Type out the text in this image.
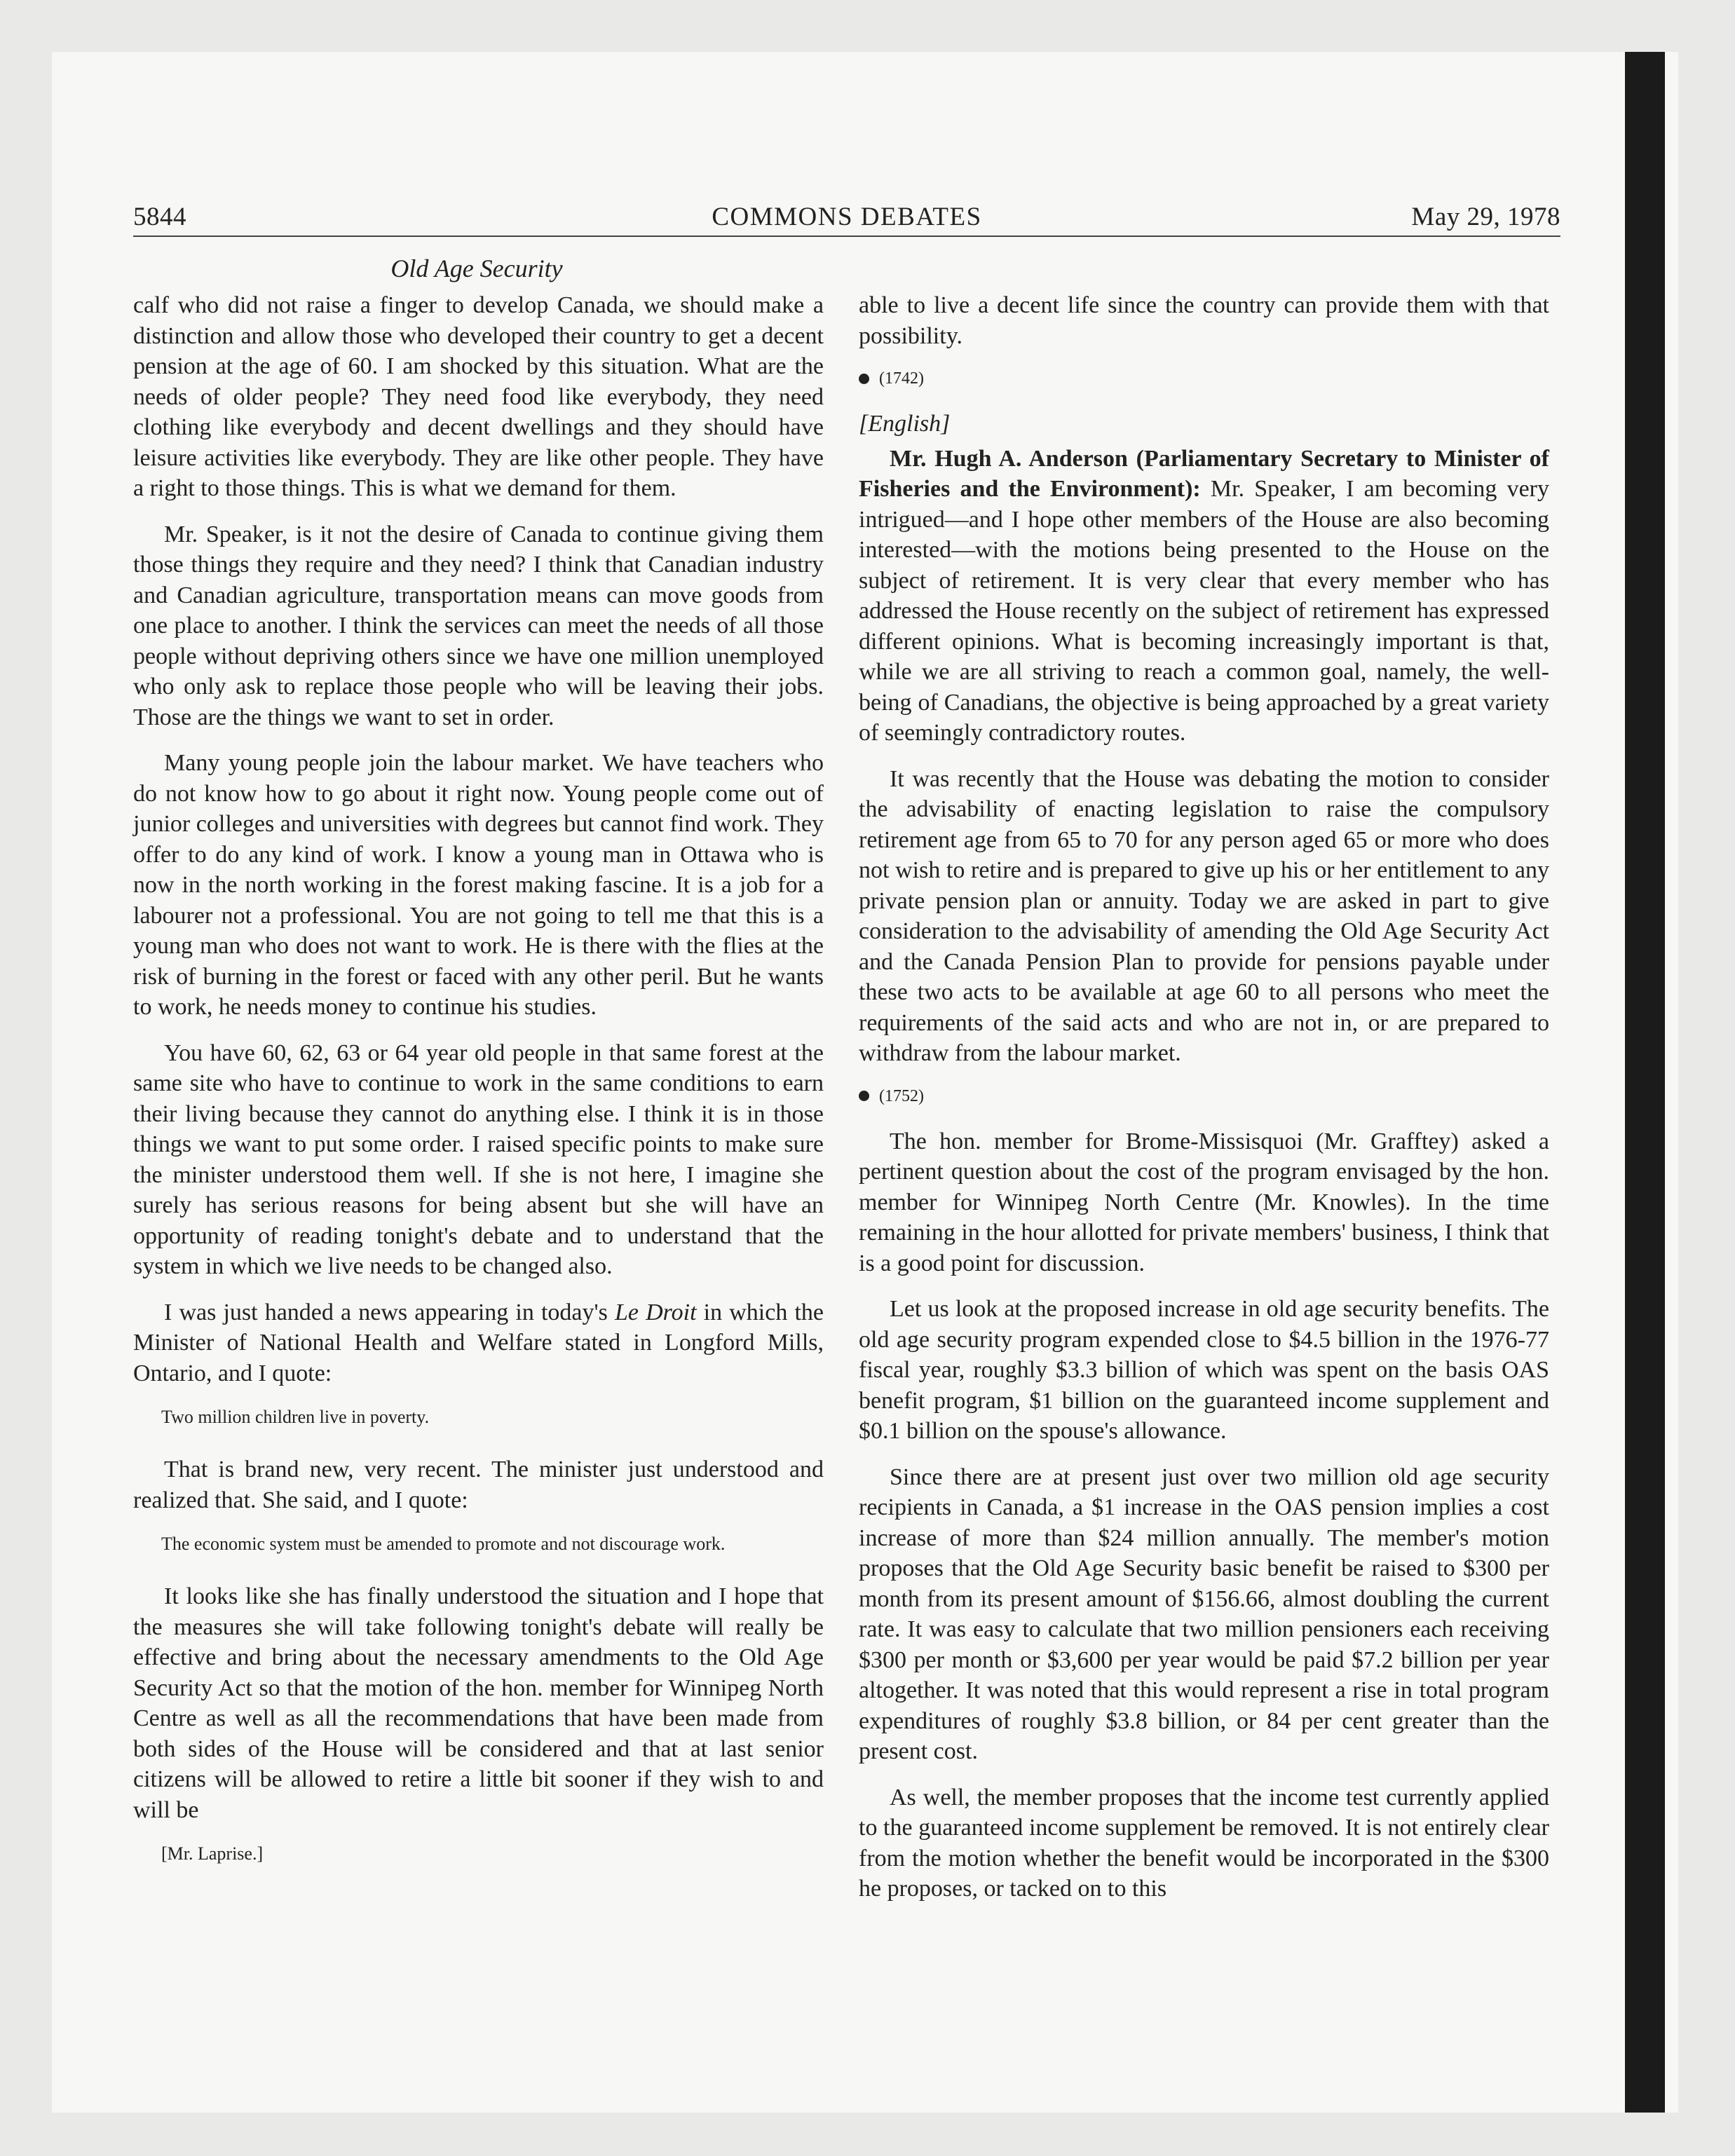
5844	COMMONS DEBATES	May 29, 1978
Old Age Security

calf who did not raise a finger to develop Canada, we should make a distinction and allow those who developed their country to get a decent pension at the age of 60. I am shocked by this situation. What are the needs of older people? They need food like everybody, they need clothing like everybody and decent dwellings and they should have leisure activities like everybody. They are like other people. They have a right to those things. This is what we demand for them.

Mr. Speaker, is it not the desire of Canada to continue giving them those things they require and they need? I think that Canadian industry and Canadian agriculture, transportation means can move goods from one place to another. I think the services can meet the needs of all those people without depriving others since we have one million unemployed who only ask to replace those people who will be leaving their jobs. Those are the things we want to set in order.

Many young people join the labour market. We have teachers who do not know how to go about it right now. Young people come out of junior colleges and universities with degrees but cannot find work. They offer to do any kind of work. I know a young man in Ottawa who is now in the north working in the forest making fascine. It is a job for a labourer not a professional. You are not going to tell me that this is a young man who does not want to work. He is there with the flies at the risk of burning in the forest or faced with any other peril. But he wants to work, he needs money to continue his studies.

You have 60, 62, 63 or 64 year old people in that same forest at the same site who have to continue to work in the same conditions to earn their living because they cannot do anything else. I think it is in those things we want to put some order. I raised specific points to make sure the minister understood them well. If she is not here, I imagine she surely has serious reasons for being absent but she will have an opportunity of reading tonight's debate and to understand that the system in which we live needs to be changed also.

I was just handed a news appearing in today's Le Droit in which the Minister of National Health and Welfare stated in Longford Mills, Ontario, and I quote:

Two million children live in poverty.

That is brand new, very recent. The minister just understood and realized that. She said, and I quote:

The economic system must be amended to promote and not discourage work.

It looks like she has finally understood the situation and I hope that the measures she will take following tonight's debate will really be effective and bring about the necessary amendments to the Old Age Security Act so that the motion of the hon. member for Winnipeg North Centre as well as all the recommendations that have been made from both sides of the House will be considered and that at last senior citizens will be allowed to retire a little bit sooner if they wish to and will be

[Mr. Laprise.]

able to live a decent life since the country can provide them with that possibility.

(1742)
[English]

Mr. Hugh A. Anderson (Parliamentary Secretary to Minister of Fisheries and the Environment): Mr. Speaker, I am becoming very intrigued—and I hope other members of the House are also becoming interested—with the motions being presented to the House on the subject of retirement. It is very clear that every member who has addressed the House recently on the subject of retirement has expressed different opinions. What is becoming increasingly important is that, while we are all striving to reach a common goal, namely, the well-being of Canadians, the objective is being approached by a great variety of seemingly contradictory routes.

It was recently that the House was debating the motion to consider the advisability of enacting legislation to raise the compulsory retirement age from 65 to 70 for any person aged 65 or more who does not wish to retire and is prepared to give up his or her entitlement to any private pension plan or annuity. Today we are asked in part to give consideration to the advisability of amending the Old Age Security Act and the Canada Pension Plan to provide for pensions payable under these two acts to be available at age 60 to all persons who meet the requirements of the said acts and who are not in, or are prepared to withdraw from the labour market.

(1752)

The hon. member for Brome-Missisquoi (Mr. Grafftey) asked a pertinent question about the cost of the program envisaged by the hon. member for Winnipeg North Centre (Mr. Knowles). In the time remaining in the hour allotted for private members' business, I think that is a good point for discussion.

Let us look at the proposed increase in old age security benefits. The old age security program expended close to $4.5 billion in the 1976-77 fiscal year, roughly $3.3 billion of which was spent on the basis OAS benefit program, $1 billion on the guaranteed income supplement and $0.1 billion on the spouse's allowance.

Since there are at present just over two million old age security recipients in Canada, a $1 increase in the OAS pension implies a cost increase of more than $24 million annually. The member's motion proposes that the Old Age Security basic benefit be raised to $300 per month from its present amount of $156.66, almost doubling the current rate. It was easy to calculate that two million pensioners each receiving $300 per month or $3,600 per year would be paid $7.2 billion per year altogether. It was noted that this would represent a rise in total program expenditures of roughly $3.8 billion, or 84 per cent greater than the present cost.

As well, the member proposes that the income test currently applied to the guaranteed income supplement be removed. It is not entirely clear from the motion whether the benefit would be incorporated in the $300 he proposes, or tacked on to this
